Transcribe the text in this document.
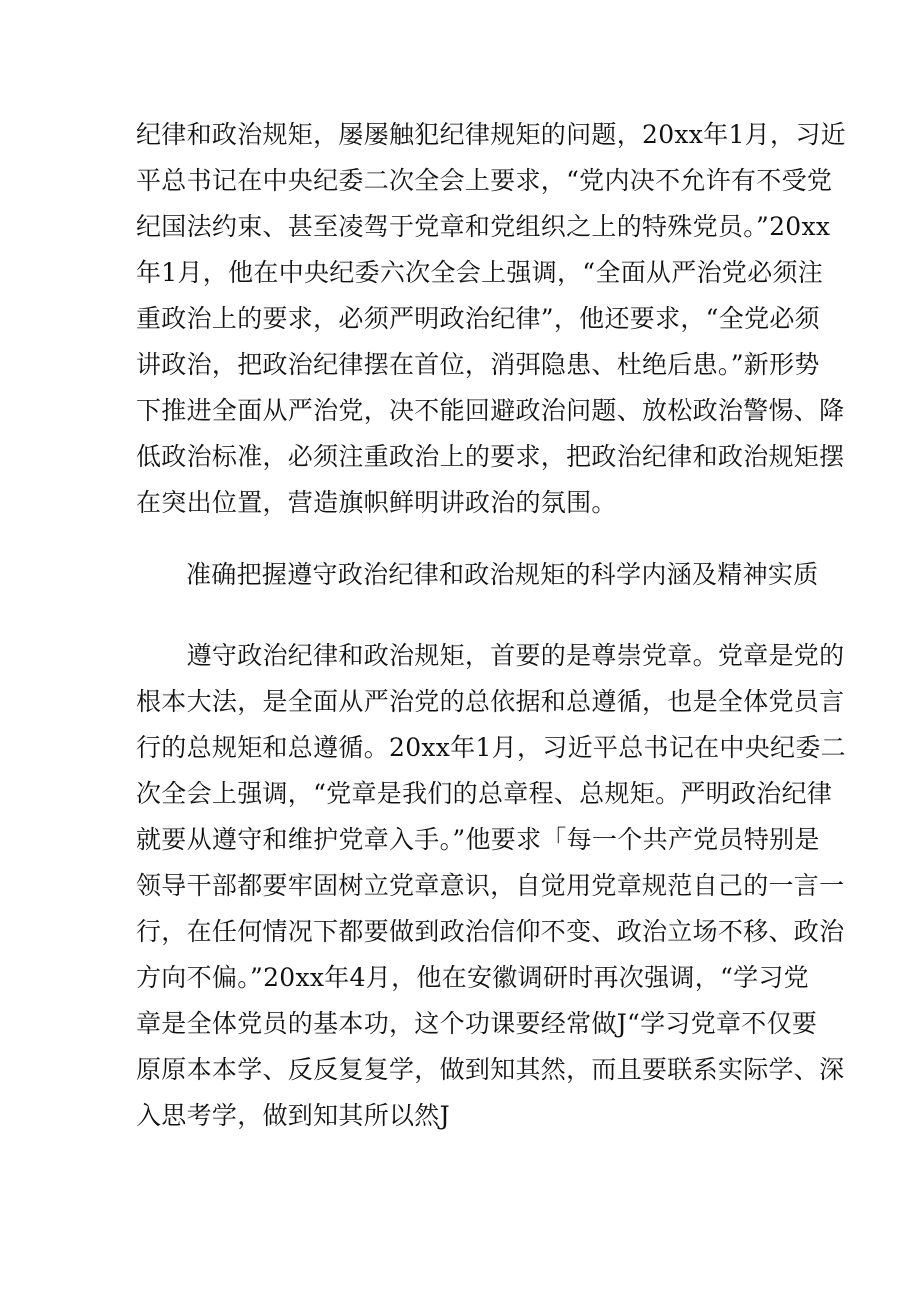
纪律和政治规矩，屡屡触犯纪律规矩的问题，20xx年1月，习近
平总书记在中央纪委二次全会上要求，“党内决不允许有不受党
纪国法约束、甚至凌驾于党章和党组织之上的特殊党员。”20xx
年1月，他在中央纪委六次全会上强调，“全面从严治党必须注
重政治上的要求，必须严明政治纪律”，他还要求，“全党必须
讲政治，把政治纪律摆在首位，消弭隐患、杜绝后患。”新形势
下推进全面从严治党，决不能回避政治问题、放松政治警惕、降
低政治标准，必须注重政治上的要求，把政治纪律和政治规矩摆
在突出位置，营造旗帜鲜明讲政治的氛围。
准确把握遵守政治纪律和政治规矩的科学内涵及精神实质
　　遵守政治纪律和政治规矩，首要的是尊崇党章。党章是党的
根本大法，是全面从严治党的总依据和总遵循，也是全体党员言
行的总规矩和总遵循。20xx年1月，习近平总书记在中央纪委二
次全会上强调，“党章是我们的总章程、总规矩。严明政治纪律
就要从遵守和维护党章入手。”他要求「每一个共产党员特别是
领导干部都要牢固树立党章意识，自觉用党章规范自己的一言一
行，在任何情况下都要做到政治信仰不变、政治立场不移、政治
方向不偏。”20xx年4月，他在安徽调研时再次强调，“学习党
章是全体党员的基本功，这个功课要经常做J“学习党章不仅要
原原本本学、反反复复学，做到知其然，而且要联系实际学、深
入思考学，做到知其所以然J
